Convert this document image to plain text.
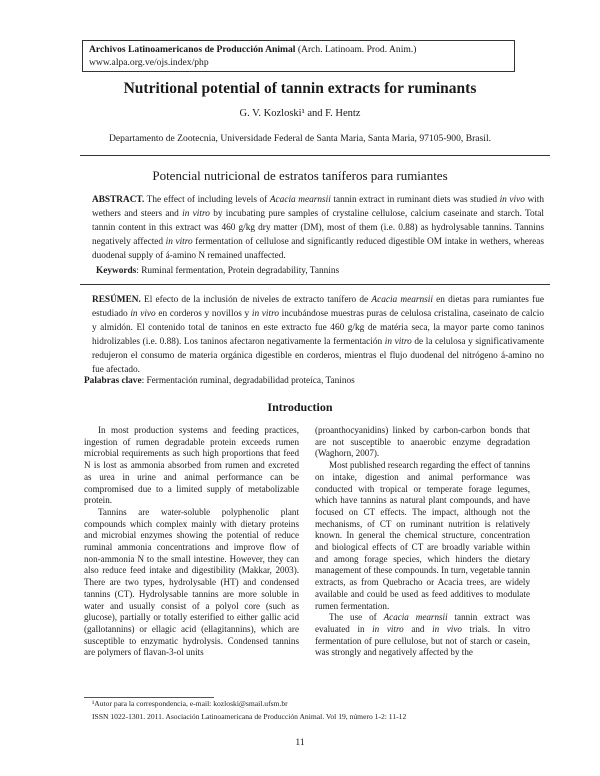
Archivos Latinoamericanos de Producción Animal (Arch. Latinoam. Prod. Anim.)
www.alpa.org.ve/ojs.index/php
Nutritional potential of tannin extracts for ruminants
G. V. Kozloski¹ and F. Hentz
Departamento de Zootecnia, Universidade Federal de Santa Maria, Santa Maria, 97105-900, Brasil.
Potencial nutricional de estratos taníferos para rumiantes
ABSTRACT. The effect of including levels of Acacia mearnsii tannin extract in ruminant diets was studied in vivo with wethers and steers and in vitro by incubating pure samples of crystaline cellulose, calcium caseinate and starch. Total tannin content in this extract was 460 g/kg dry matter (DM), most of them (i.e. 0.88) as hydrolysable tannins. Tannins negatively affected in vitro fermentation of cellulose and significantly reduced digestible OM intake in wethers, whereas duodenal supply of á-amino N remained unaffected.
Keywords: Ruminal fermentation, Protein degradability, Tannins
RESÚMEN. El efecto de la inclusión de niveles de extracto tanífero de Acacia mearnsii en dietas para rumiantes fue estudiado in vivo en corderos y novillos y in vitro incubándose muestras puras de celulosa cristalina, caseinato de calcio y almidón. El contenido total de taninos en este extracto fue 460 g/kg de matéria seca, la mayor parte como taninos hidrolizables (i.e. 0.88). Los taninos afectaron negativamente la fermentación in vitro de la celulosa y significativamente redujeron el consumo de materia orgánica digestible en corderos, mientras el flujo duodenal del nitrógeno á-amino no fue afectado.
Palabras clave: Fermentación ruminal, degradabilidad proteíca, Taninos
Introduction

In most production systems and feeding practices, ingestion of rumen degradable protein exceeds rumen microbial requirements as such high proportions that feed N is lost as ammonia absorbed from rumen and excreted as urea in urine and animal performance can be compromised due to a limited supply of metabolizable protein.

Tannins are water-soluble polyphenolic plant compounds which complex mainly with dietary proteins and microbial enzymes showing the potential of reduce ruminal ammonia concentrations and improve flow of non-ammonia N to the small intestine. However, they can also reduce feed intake and digestibility (Makkar, 2003). There are two types, hydrolysable (HT) and condensed tannins (CT). Hydrolysable tannins are more soluble in water and usually consist of a polyol core (such as glucose), partially or totally esterified to either gallic acid (gallotannins) or ellagic acid (ellagitannins), which are susceptible to enzymatic hydrolysis. Condensed tannins are polymers of flavan-3-ol units

(proanthocyanidins) linked by carbon-carbon bonds that are not susceptible to anaerobic enzyme degradation (Waghorn, 2007).

Most published research regarding the effect of tannins on intake, digestion and animal performance was conducted with tropical or temperate forage legumes, which have tannins as natural plant compounds, and have focused on CT effects. The impact, although not the mechanisms, of CT on ruminant nutrition is relatively known. In general the chemical structure, concentration and biological effects of CT are broadly variable within and among forage species, which hinders the dietary management of these compounds. In turn, vegetable tannin extracts, as from Quebracho or Acacia trees, are widely available and could be used as feed additives to modulate rumen fermentation.

The use of Acacia mearnsii tannin extract was evaluated in in vitro and in vivo trials. In vitro fermentation of pure cellulose, but not of starch or casein, was strongly and negatively affected by the

¹Autor para la correspondencia, e-mail: kozloski@smail.ufsm.br
ISSN 1022-1301. 2011. Asociación Latinoamericana de Producción Animal. Vol 19, número 1-2: 11-12
11
